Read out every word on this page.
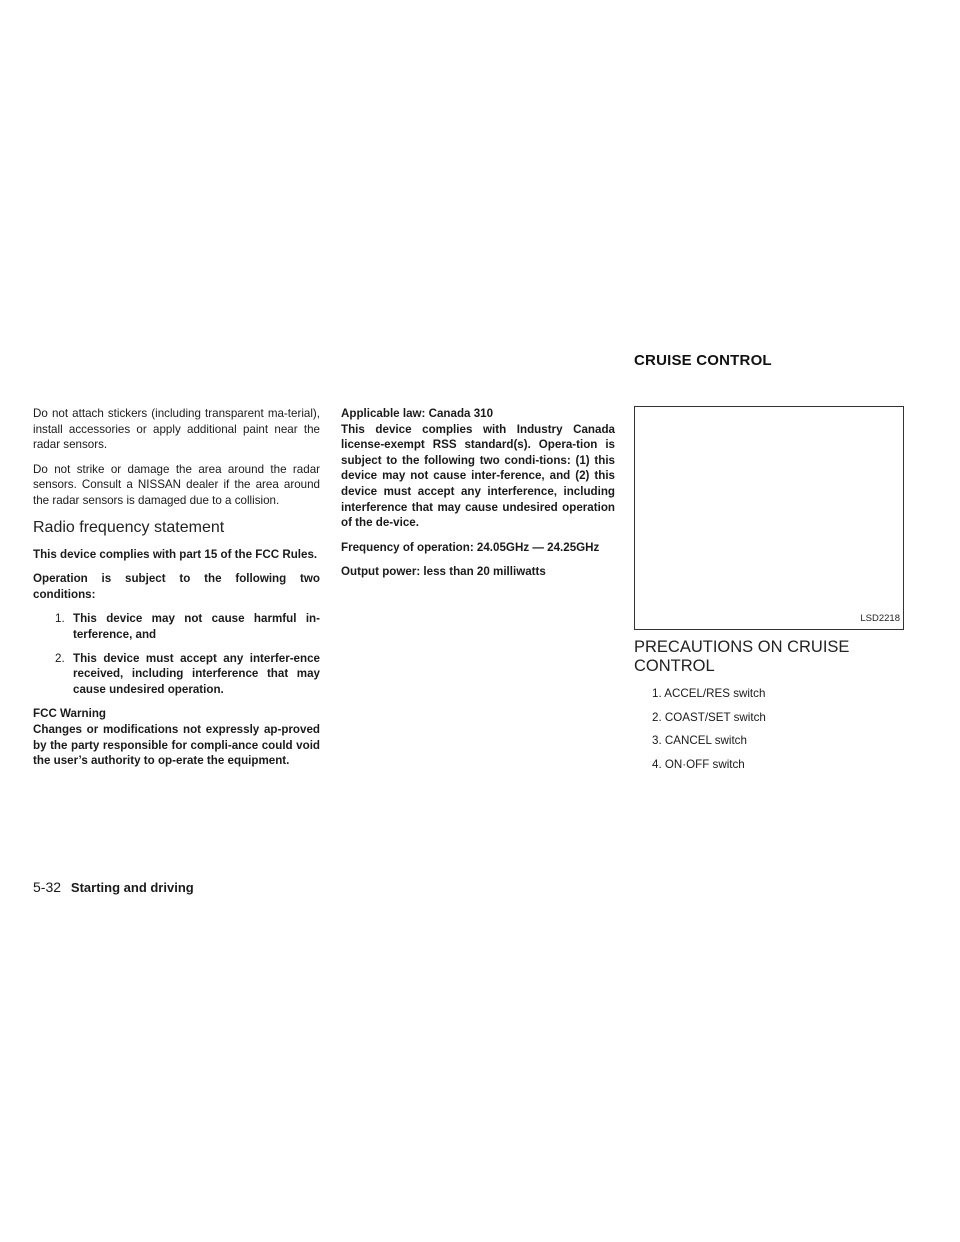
CRUISE CONTROL

Do not attach stickers (including transparent ma-terial), install accessories or apply additional paint near the radar sensors.

Do not strike or damage the area around the radar sensors. Consult a NISSAN dealer if the area around the radar sensors is damaged due to a collision.

Radio frequency statement

This device complies with part 15 of the FCC Rules.

Operation is subject to the following two conditions:

1. This device may not cause harmful in-terference, and
2. This device must accept any interfer-ence received, including interference that may cause undesired operation.
FCC Warning

Changes or modifications not expressly ap-proved by the party responsible for compli-ance could void the user’s authority to op-erate the equipment.

Applicable law: Canada 310

This device complies with Industry Canada license-exempt RSS standard(s). Opera-tion is subject to the following two condi-tions: (1) this device may not cause inter-ference, and (2) this device must accept any interference, including interference that may cause undesired operation of the de-vice.

Frequency of operation: 24.05GHz — 24.25GHz

Output power: less than 20 milliwatts

LSD2218
PRECAUTIONS ON CRUISE CONTROL
1. ACCEL/RES switch
2. COAST/SET switch
3. CANCEL switch
4. ON·OFF switch
5-32 Starting and driving
